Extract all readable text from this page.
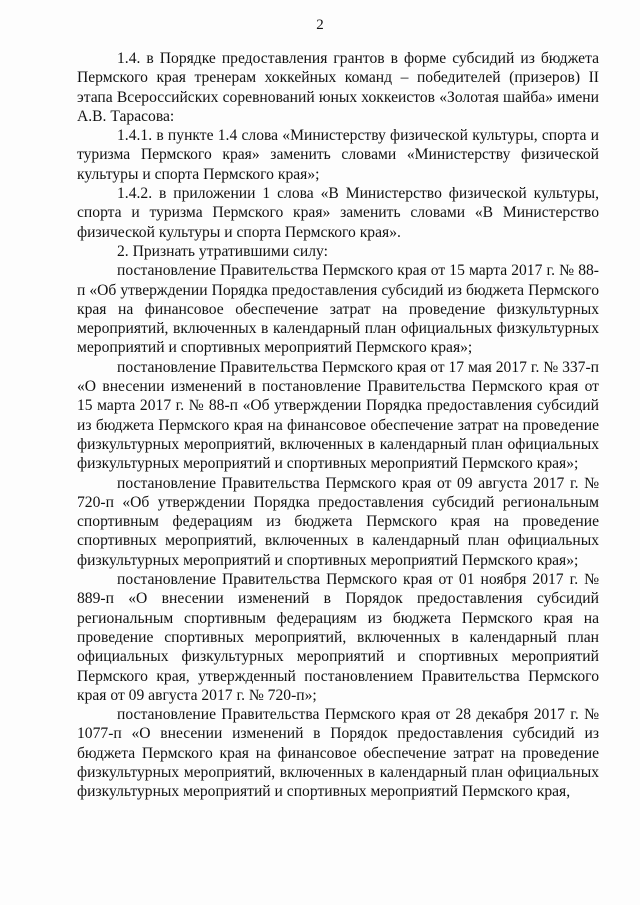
2

1.4. в Порядке предоставления грантов в форме субсидий из бюджета Пермского края тренерам хоккейных команд – победителей (призеров) II этапа Всероссийских соревнований юных хоккеистов «Золотая шайба» имени А.В. Тарасова:

1.4.1. в пункте 1.4 слова «Министерству физической культуры, спорта и туризма Пермского края» заменить словами «Министерству физической культуры и спорта Пермского края»;

1.4.2. в приложении 1 слова «В Министерство физической культуры, спорта и туризма Пермского края» заменить словами «В Министерство физической культуры и спорта Пермского края».

2. Признать утратившими силу:

постановление Правительства Пермского края от 15 марта 2017 г. № 88-п «Об утверждении Порядка предоставления субсидий из бюджета Пермского края на финансовое обеспечение затрат на проведение физкультурных мероприятий, включенных в календарный план официальных физкультурных мероприятий и спортивных мероприятий Пермского края»;

постановление Правительства Пермского края от 17 мая 2017 г. № 337-п «О внесении изменений в постановление Правительства Пермского края от 15 марта 2017 г. № 88-п «Об утверждении Порядка предоставления субсидий из бюджета Пермского края на финансовое обеспечение затрат на проведение физкультурных мероприятий, включенных в календарный план официальных физкультурных мероприятий и спортивных мероприятий Пермского края»;

постановление Правительства Пермского края от 09 августа 2017 г. № 720-п «Об утверждении Порядка предоставления субсидий региональным спортивным федерациям из бюджета Пермского края на проведение спортивных мероприятий, включенных в календарный план официальных физкультурных мероприятий и спортивных мероприятий Пермского края»;

постановление Правительства Пермского края от 01 ноября 2017 г. № 889-п «О внесении изменений в Порядок предоставления субсидий региональным спортивным федерациям из бюджета Пермского края на проведение спортивных мероприятий, включенных в календарный план официальных физкультурных мероприятий и спортивных мероприятий Пермского края, утвержденный постановлением Правительства Пермского края от 09 августа 2017 г. № 720-п»;

постановление Правительства Пермского края от 28 декабря 2017 г. № 1077-п «О внесении изменений в Порядок предоставления субсидий из бюджета Пермского края на финансовое обеспечение затрат на проведение физкультурных мероприятий, включенных в календарный план официальных физкультурных мероприятий и спортивных мероприятий Пермского края,
